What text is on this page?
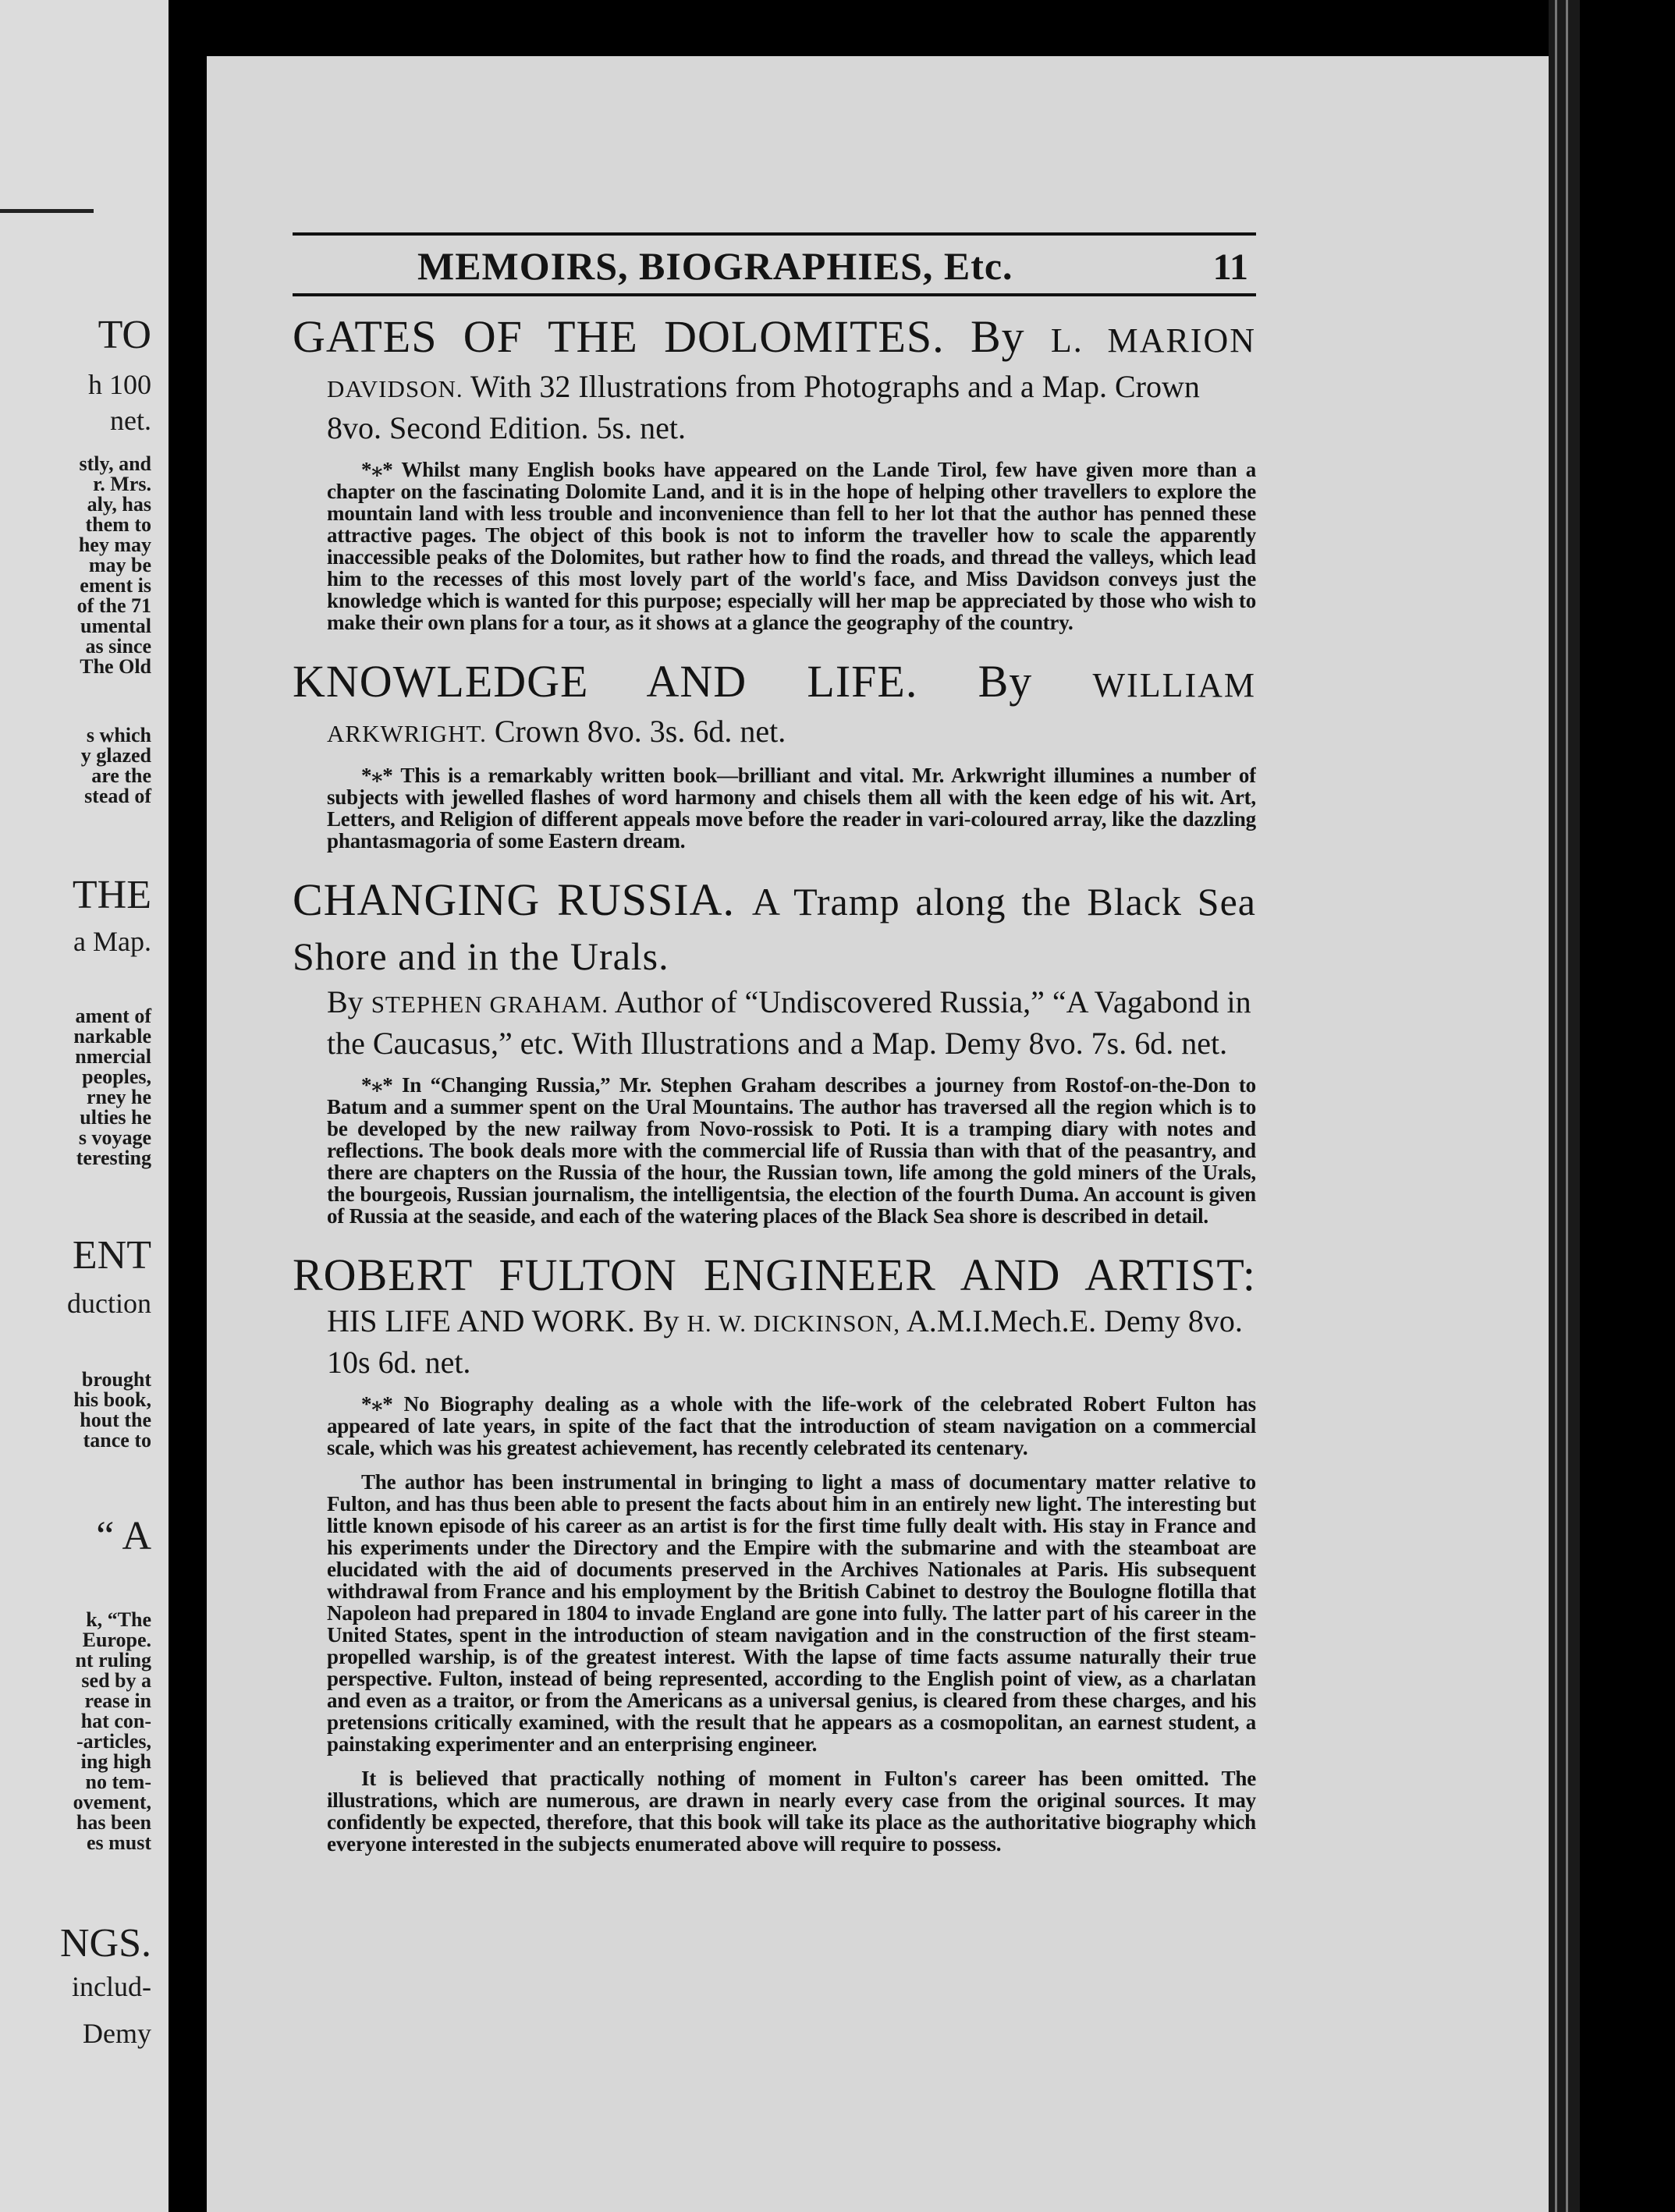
TO

h 100

net.

stly, and

r. Mrs.

aly, has

them to

hey may

may be

ement is

of the 71

umental

as since

The Old

s which

y glazed

are the

stead of

THE

a Map.

ament of

narkable

nmercial

peoples,

rney he

ulties he

s voyage

teresting

ENT

duction

brought

his book,

hout the

tance to

“ A

k, “The

Europe.

nt ruling

sed by a

rease in

hat con-

-articles,

ing high

no tem-

ovement,

has been

es must

NGS.

includ-

Demy

MEMOIRS, BIOGRAPHIES, Etc.	11

GATES OF THE DOLOMITES. By L. MARION

DAVIDSON. With 32 Illustrations from Photographs and a Map. Crown 8vo. Second Edition. 5s. net.

*⁎* Whilst many English books have appeared on the Lande Tirol, few have given more than a chapter on the fascinating Dolomite Land, and it is in the hope of helping other travellers to explore the mountain land with less trouble and inconvenience than fell to her lot that the author has penned these attractive pages. The object of this book is not to inform the traveller how to scale the apparently inaccessible peaks of the Dolomites, but rather how to find the roads, and thread the valleys, which lead him to the recesses of this most lovely part of the world's face, and Miss Davidson conveys just the knowledge which is wanted for this purpose; especially will her map be appreciated by those who wish to make their own plans for a tour, as it shows at a glance the geography of the country.

KNOWLEDGE AND LIFE. By WILLIAM

ARKWRIGHT. Crown 8vo. 3s. 6d. net.

*⁎* This is a remarkably written book—brilliant and vital. Mr. Arkwright illumines a number of subjects with jewelled flashes of word harmony and chisels them all with the keen edge of his wit. Art, Letters, and Religion of different appeals move before the reader in vari-coloured array, like the dazzling phantasmagoria of some Eastern dream.

CHANGING RUSSIA. A Tramp along the Black Sea Shore and in the Urals.

By STEPHEN GRAHAM. Author of “Undiscovered Russia,” “A Vagabond in the Caucasus,” etc. With Illustrations and a Map. Demy 8vo. 7s. 6d. net.

*⁎* In “Changing Russia,” Mr. Stephen Graham describes a journey from Rostof-on-the-Don to Batum and a summer spent on the Ural Mountains. The author has traversed all the region which is to be developed by the new railway from Novo-rossisk to Poti. It is a tramping diary with notes and reflections. The book deals more with the commercial life of Russia than with that of the peasantry, and there are chapters on the Russia of the hour, the Russian town, life among the gold miners of the Urals, the bourgeois, Russian journalism, the intelligentsia, the election of the fourth Duma. An account is given of Russia at the seaside, and each of the watering places of the Black Sea shore is described in detail.

ROBERT FULTON ENGINEER AND ARTIST:

HIS LIFE AND WORK. By H. W. DICKINSON, A.M.I.Mech.E. Demy 8vo. 10s 6d. net.

*⁎* No Biography dealing as a whole with the life-work of the celebrated Robert Fulton has appeared of late years, in spite of the fact that the introduction of steam navigation on a commercial scale, which was his greatest achievement, has recently celebrated its centenary.

The author has been instrumental in bringing to light a mass of documentary matter relative to Fulton, and has thus been able to present the facts about him in an entirely new light. The interesting but little known episode of his career as an artist is for the first time fully dealt with. His stay in France and his experiments under the Directory and the Empire with the submarine and with the steamboat are elucidated with the aid of documents preserved in the Archives Nationales at Paris. His subsequent withdrawal from France and his employment by the British Cabinet to destroy the Boulogne flotilla that Napoleon had prepared in 1804 to invade England are gone into fully. The latter part of his career in the United States, spent in the introduction of steam navigation and in the construction of the first steam-propelled warship, is of the greatest interest. With the lapse of time facts assume naturally their true perspective. Fulton, instead of being represented, according to the English point of view, as a charlatan and even as a traitor, or from the Americans as a universal genius, is cleared from these charges, and his pretensions critically examined, with the result that he appears as a cosmopolitan, an earnest student, a painstaking experimenter and an enterprising engineer.

It is believed that practically nothing of moment in Fulton's career has been omitted. The illustrations, which are numerous, are drawn in nearly every case from the original sources. It may confidently be expected, therefore, that this book will take its place as the authoritative biography which everyone interested in the subjects enumerated above will require to possess.
